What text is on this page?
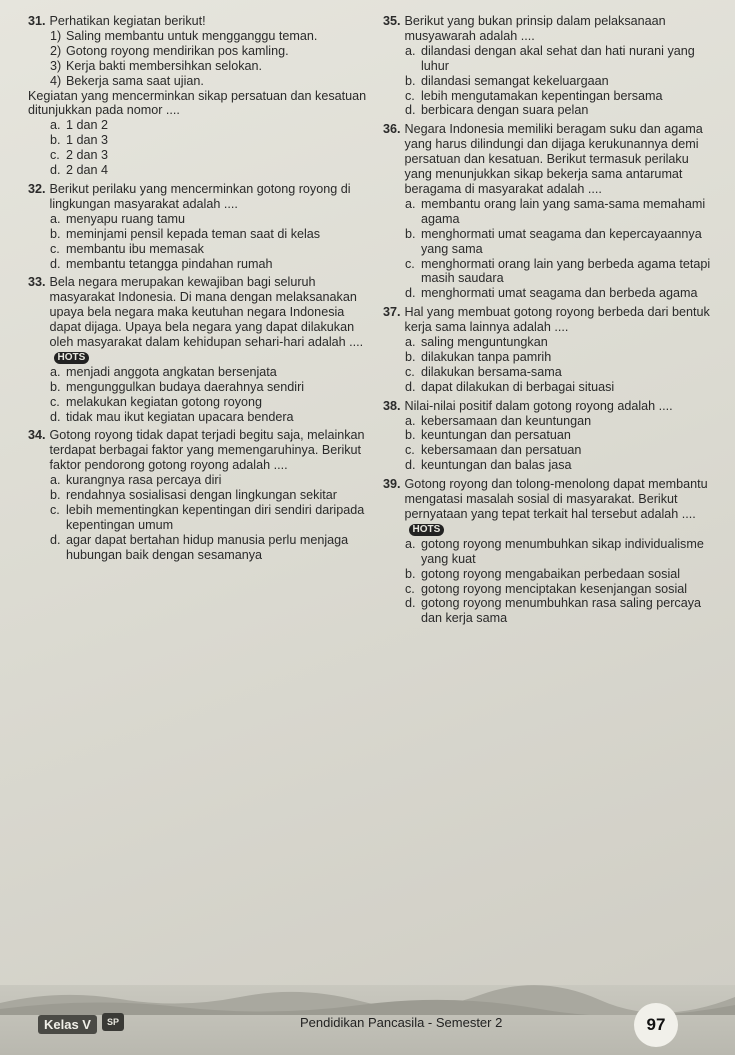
31. Perhatikan kegiatan berikut!
1) Saling membantu untuk mengganggu teman.
2) Gotong royong mendirikan pos kamling.
3) Kerja bakti membersihkan selokan.
4) Bekerja sama saat ujian.
Kegiatan yang mencerminkan sikap persatuan dan kesatuan ditunjukkan pada nomor ....
a. 1 dan 2
b. 1 dan 3
c. 2 dan 3
d. 2 dan 4
32. Berikut perilaku yang mencerminkan gotong royong di lingkungan masyarakat adalah ....
a. menyapu ruang tamu
b. meminjami pensil kepada teman saat di kelas
c. membantu ibu memasak
d. membantu tetangga pindahan rumah
33. Bela negara merupakan kewajiban bagi seluruh masyarakat Indonesia. Di mana dengan melaksanakan upaya bela negara maka keutuhan negara Indonesia dapat dijaga. Upaya bela negara yang dapat dilakukan oleh masyarakat dalam kehidupan sehari-hari adalah ....HOTS
a. menjadi anggota angkatan bersenjata
b. mengunggulkan budaya daerahnya sendiri
c. melakukan kegiatan gotong royong
d. tidak mau ikut kegiatan upacara bendera
34. Gotong royong tidak dapat terjadi begitu saja, melainkan terdapat berbagai faktor yang memengaruhinya. Berikut faktor pendorong gotong royong adalah ....
a. kurangnya rasa percaya diri
b. rendahnya sosialisasi dengan lingkungan sekitar
c. lebih mementingkan kepentingan diri sendiri daripada kepentingan umum
d. agar dapat bertahan hidup manusia perlu menjaga hubungan baik dengan sesamanya
35. Berikut yang bukan prinsip dalam pelaksanaan musyawarah adalah ....
a. dilandasi dengan akal sehat dan hati nurani yang luhur
b. dilandasi semangat kekeluargaan
c. lebih mengutamakan kepentingan bersama
d. berbicara dengan suara pelan
36. Negara Indonesia memiliki beragam suku dan agama yang harus dilindungi dan dijaga kerukunannya demi persatuan dan kesatuan. Berikut termasuk perilaku yang menunjukkan sikap bekerja sama antarumat beragama di masyarakat adalah ....
a. membantu orang lain yang sama-sama memahami agama
b. menghormati umat seagama dan kepercayaannya yang sama
c. menghormati orang lain yang berbeda agama tetapi masih saudara
d. menghormati umat seagama dan berbeda agama
37. Hal yang membuat gotong royong berbeda dari bentuk kerja sama lainnya adalah ....
a. saling menguntungkan
b. dilakukan tanpa pamrih
c. dilakukan bersama-sama
d. dapat dilakukan di berbagai situasi
38. Nilai-nilai positif dalam gotong royong adalah ....
a. kebersamaan dan keuntungan
b. keuntungan dan persatuan
c. kebersamaan dan persatuan
d. keuntungan dan balas jasa
39. Gotong royong dan tolong-menolong dapat membantu mengatasi masalah sosial di masyarakat. Berikut pernyataan yang tepat terkait hal tersebut adalah ....HOTS
a. gotong royong menumbuhkan sikap individualisme yang kuat
b. gotong royong mengabaikan perbedaan sosial
c. gotong royong menciptakan kesenjangan sosial
d. gotong royong menumbuhkan rasa saling percaya dan kerja sama
Kelas V	SP	Pendidikan Pancasila - Semester 2	97
